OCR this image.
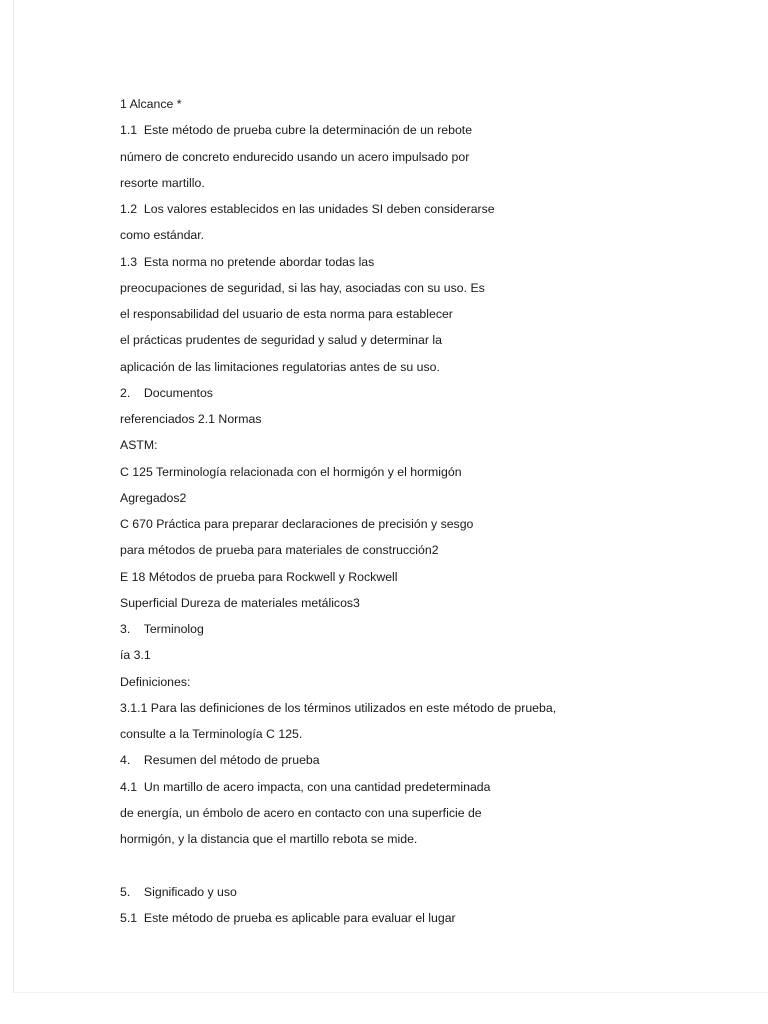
1 Alcance *
1.1  Este método de prueba cubre la determinación de un rebote
número de concreto endurecido usando un acero impulsado por
resorte martillo.
1.2  Los valores establecidos en las unidades SI deben considerarse
como estándar.
1.3  Esta norma no pretende abordar todas las
preocupaciones de seguridad, si las hay, asociadas con su uso. Es
el responsabilidad del usuario de esta norma para establecer
el prácticas prudentes de seguridad y salud y determinar la
aplicación de las limitaciones regulatorias antes de su uso.
2.    Documentos
referenciados 2.1 Normas
ASTM:
C 125 Terminología relacionada con el hormigón y el hormigón
Agregados2
C 670 Práctica para preparar declaraciones de precisión y sesgo
para métodos de prueba para materiales de construcción2
E 18 Métodos de prueba para Rockwell y Rockwell
Superficial Dureza de materiales metálicos3
3.    Terminolog
ía 3.1
Definiciones:
3.1.1 Para las definiciones de los términos utilizados en este método de prueba,
consulte a la Terminología C 125.
4.    Resumen del método de prueba
4.1  Un martillo de acero impacta, con una cantidad predeterminada
de energía, un émbolo de acero en contacto con una superficie de
hormigón, y la distancia que el martillo rebota se mide.
5.    Significado y uso
5.1  Este método de prueba es aplicable para evaluar el lugar
